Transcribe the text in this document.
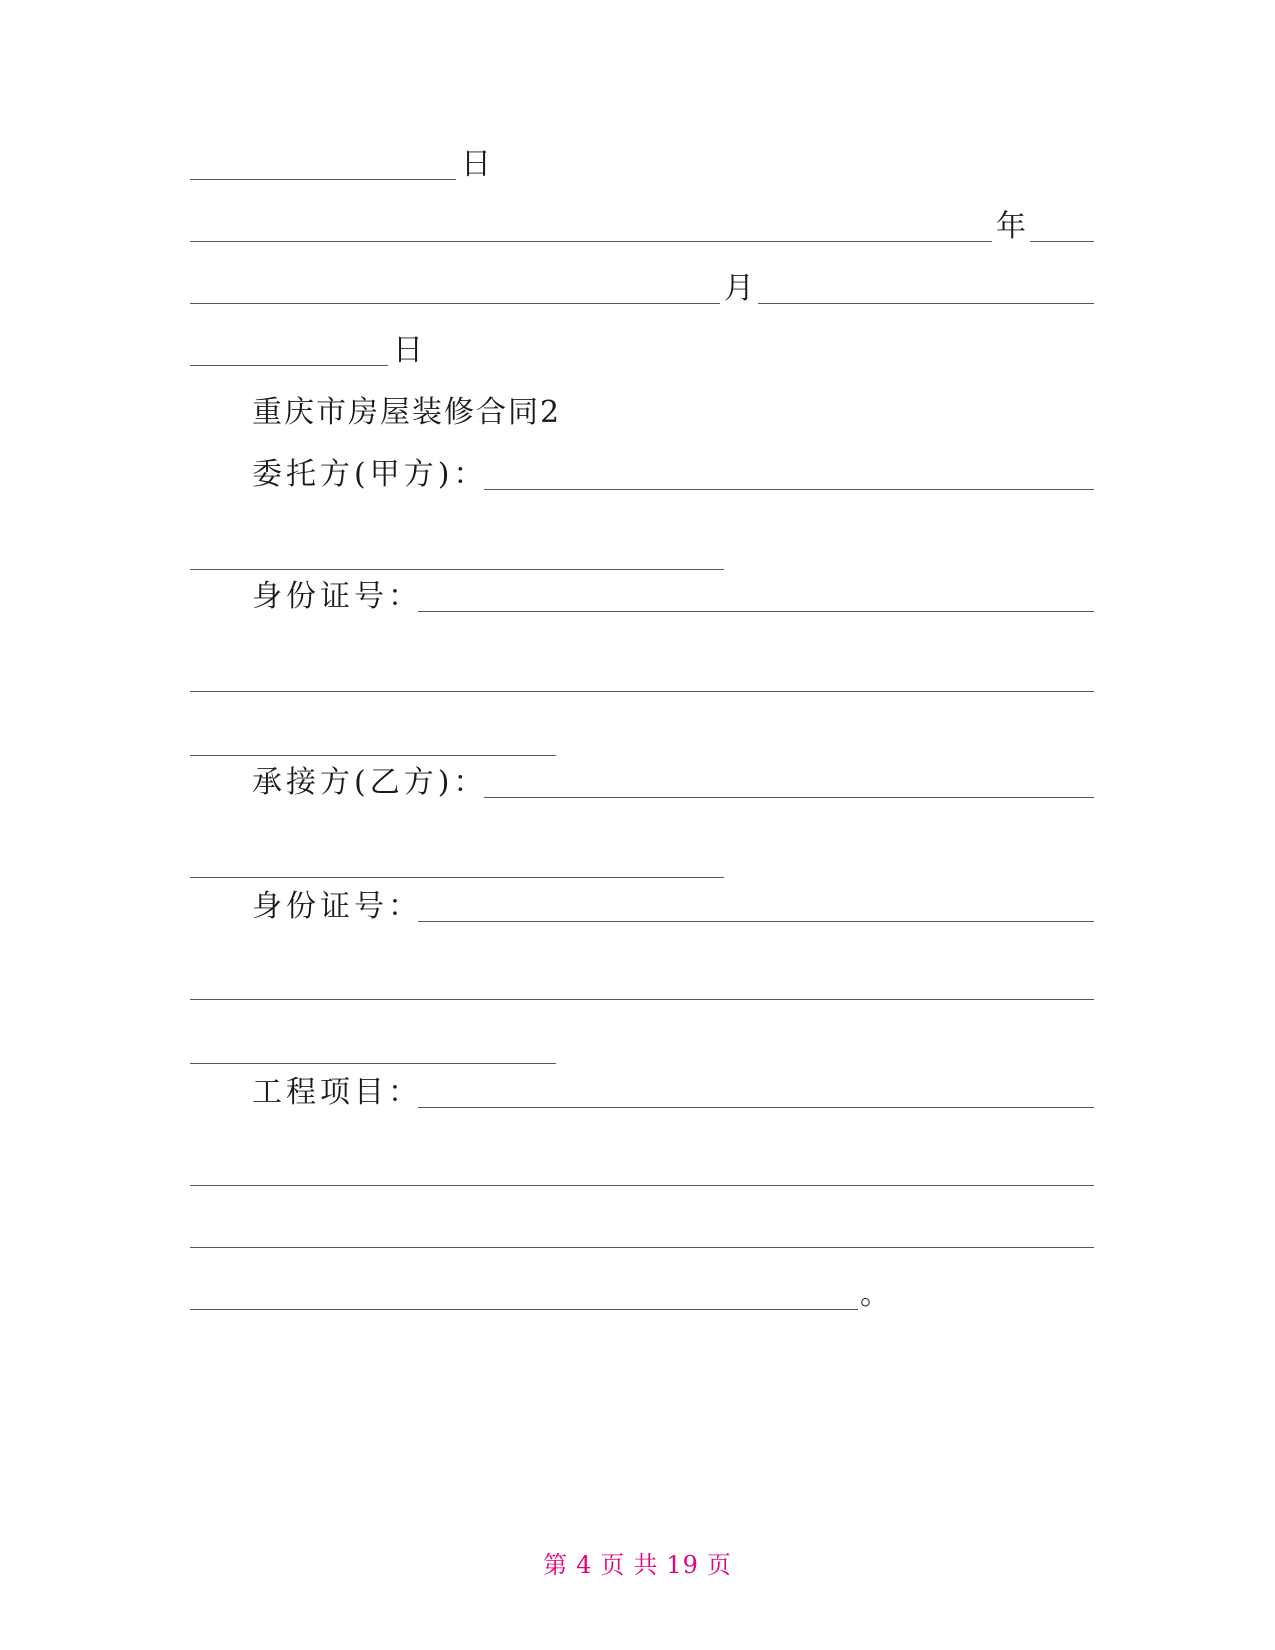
日
年
月
日
重庆市房屋装修合同2
委托方(甲方)：
身份证号：
承接方(乙方)：
身份证号：
工程项目：
。
第 4 页 共 19 页
